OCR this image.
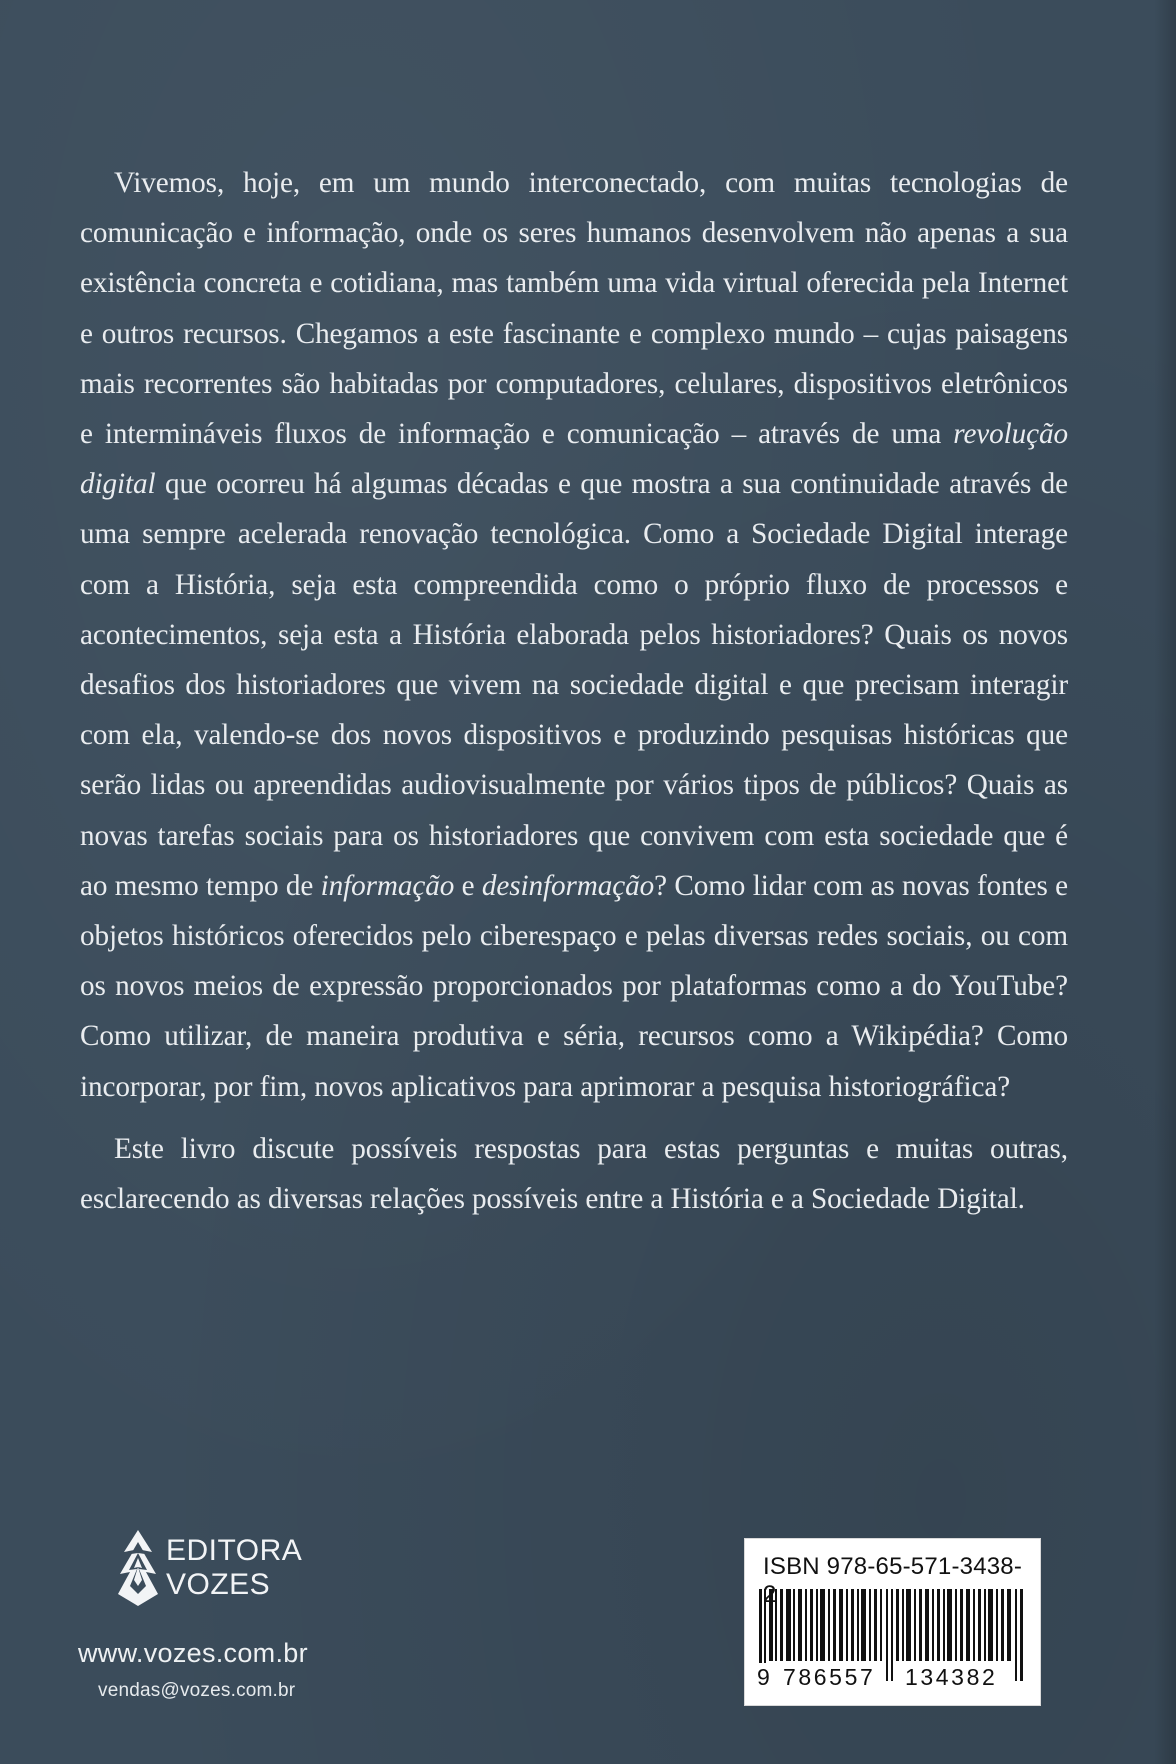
Vivemos, hoje, em um mundo interconectado, com muitas tecnologias de comunicação e informação, onde os seres humanos desenvolvem não apenas a sua existência concreta e cotidiana, mas também uma vida virtual oferecida pela Internet e outros recursos. Chegamos a este fascinante e complexo mundo – cujas paisagens mais recorrentes são habitadas por computadores, celulares, dispositivos eletrônicos e intermináveis fluxos de informação e comunicação – através de uma revolução digital que ocorreu há algumas décadas e que mostra a sua continuidade através de uma sempre acelerada renovação tecnológica. Como a Sociedade Digital interage com a História, seja esta compreendida como o próprio fluxo de processos e acontecimentos, seja esta a História elaborada pelos historiadores? Quais os novos desafios dos historiadores que vivem na sociedade digital e que precisam interagir com ela, valendo-se dos novos dispositivos e produzindo pesquisas históricas que serão lidas ou apreendidas audiovisualmente por vários tipos de públicos? Quais as novas tarefas sociais para os historiadores que convivem com esta sociedade que é ao mesmo tempo de informação e desinformação? Como lidar com as novas fontes e objetos históricos oferecidos pelo ciberespaço e pelas diversas redes sociais, ou com os novos meios de expressão proporcionados por plataformas como a do YouTube? Como utilizar, de maneira produtiva e séria, recursos como a Wikipédia? Como incorporar, por fim, novos aplicativos para aprimorar a pesquisa historiográfica?

Este livro discute possíveis respostas para estas perguntas e muitas outras, esclarecendo as diversas relações possíveis entre a História e a Sociedade Digital.

EDITORA
VOZES
www.vozes.com.br
vendas@vozes.com.br
ISBN 978-65-571-3438-
9 786557 134382
